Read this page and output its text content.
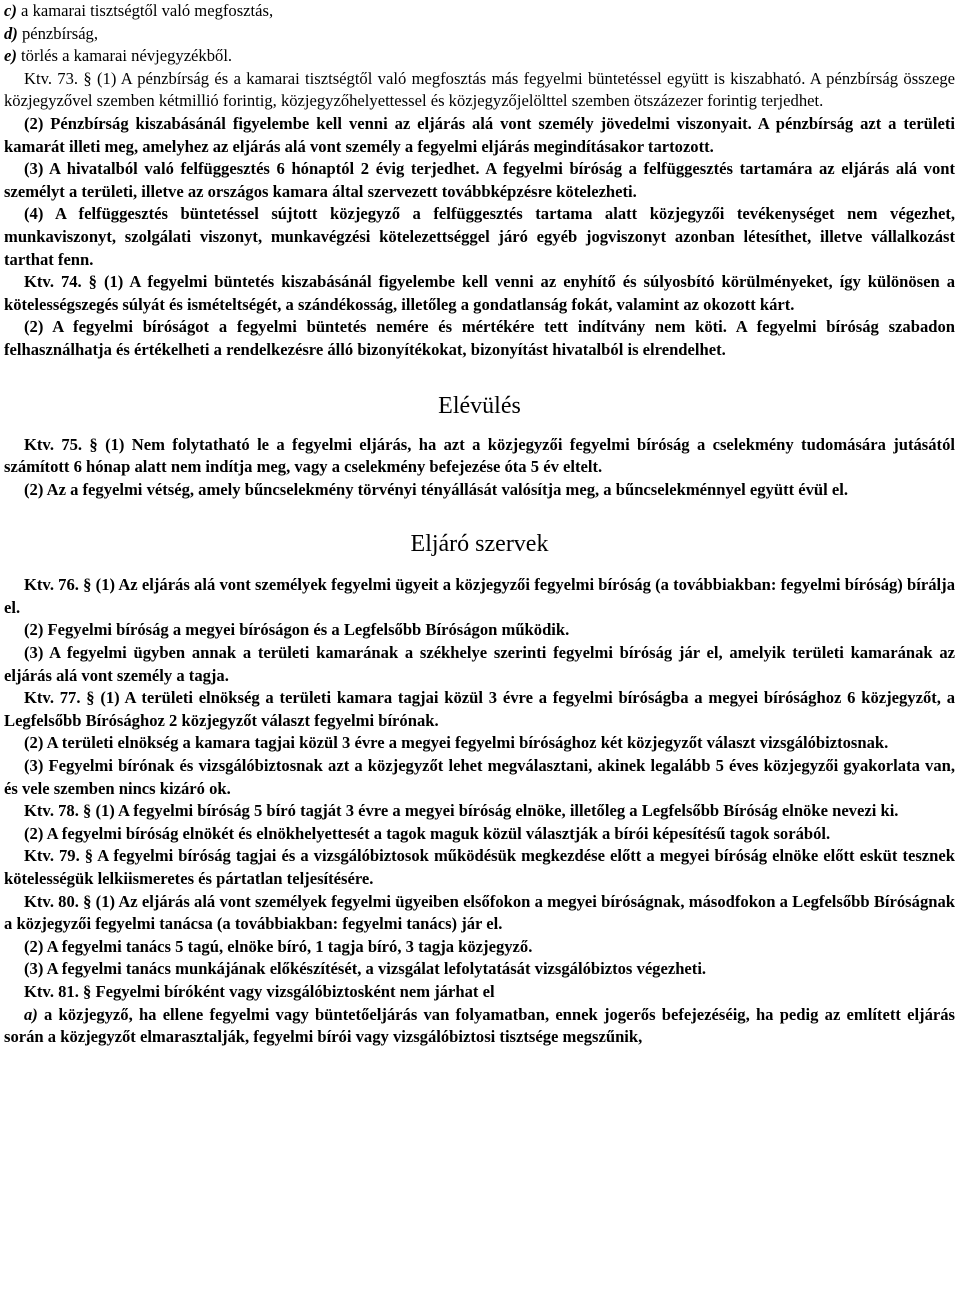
c) a kamarai tisztségtől való megfosztás,

d) pénzbírság,

e) törlés a kamarai névjegyzékből.

Ktv. 73. § (1) A pénzbírság és a kamarai tisztségtől való megfosztás más fegyelmi büntetéssel együtt is kiszabható. A pénzbírság összege közjegyzővel szemben kétmillió forintig, közjegyzőhelyettessel és közjegyzőjelölttel szemben ötszázezer forintig terjedhet.

(2) Pénzbírság kiszabásánál figyelembe kell venni az eljárás alá vont személy jövedelmi viszonyait. A pénzbírság azt a területi kamarát illeti meg, amelyhez az eljárás alá vont személy a fegyelmi eljárás megindításakor tartozott.

(3) A hivatalból való felfüggesztés 6 hónaptól 2 évig terjedhet. A fegyelmi bíróság a felfüggesztés tartamára az eljárás alá vont személyt a területi, illetve az országos kamara által szervezett továbbképzésre kötelezheti.

(4) A felfüggesztés büntetéssel sújtott közjegyző a felfüggesztés tartama alatt közjegyzői tevékenységet nem végezhet, munkaviszonyt, szolgálati viszonyt, munkavégzési kötelezettséggel járó egyéb jogviszonyt azonban létesíthet, illetve vállalkozást tarthat fenn.

Ktv. 74. § (1) A fegyelmi büntetés kiszabásánál figyelembe kell venni az enyhítő és súlyosbító körülményeket, így különösen a kötelességszegés súlyát és ismételtségét, a szándékosság, illetőleg a gondatlanság fokát, valamint az okozott kárt.

(2) A fegyelmi bíróságot a fegyelmi büntetés nemére és mértékére tett indítvány nem köti. A fegyelmi bíróság szabadon felhasználhatja és értékelheti a rendelkezésre álló bizonyítékokat, bizonyítást hivatalból is elrendelhet.

Elévülés

Ktv. 75. § (1) Nem folytatható le a fegyelmi eljárás, ha azt a közjegyzői fegyelmi bíróság a cselekmény tudomására jutásától számított 6 hónap alatt nem indítja meg, vagy a cselekmény befejezése óta 5 év eltelt.

(2) Az a fegyelmi vétség, amely bűncselekmény törvényi tényállását valósítja meg, a bűncselekménnyel együtt évül el.

Eljáró szervek

Ktv. 76. § (1) Az eljárás alá vont személyek fegyelmi ügyeit a közjegyzői fegyelmi bíróság (a továbbiakban: fegyelmi bíróság) bírálja el.

(2) Fegyelmi bíróság a megyei bíróságon és a Legfelsőbb Bíróságon működik.

(3) A fegyelmi ügyben annak a területi kamarának a székhelye szerinti fegyelmi bíróság jár el, amelyik területi kamarának az eljárás alá vont személy a tagja.

Ktv. 77. § (1) A területi elnökség a területi kamara tagjai közül 3 évre a fegyelmi bíróságba a megyei bírósághoz 6 közjegyzőt, a Legfelsőbb Bírósághoz 2 közjegyzőt választ fegyelmi bírónak.

(2) A területi elnökség a kamara tagjai közül 3 évre a megyei fegyelmi bírósághoz két közjegyzőt választ vizsgálóbiztosnak.

(3) Fegyelmi bírónak és vizsgálóbiztosnak azt a közjegyzőt lehet megválasztani, akinek legalább 5 éves közjegyzői gyakorlata van, és vele szemben nincs kizáró ok.

Ktv. 78. § (1) A fegyelmi bíróság 5 bíró tagját 3 évre a megyei bíróság elnöke, illetőleg a Legfelsőbb Bíróság elnöke nevezi ki.

(2) A fegyelmi bíróság elnökét és elnökhelyettesét a tagok maguk közül választják a bírói képesítésű tagok sorából.

Ktv. 79. § A fegyelmi bíróság tagjai és a vizsgálóbiztosok működésük megkezdése előtt a megyei bíróság elnöke előtt esküt tesznek kötelességük lelkiismeretes és pártatlan teljesítésére.

Ktv. 80. § (1) Az eljárás alá vont személyek fegyelmi ügyeiben elsőfokon a megyei bíróságnak, másodfokon a Legfelsőbb Bíróságnak a közjegyzői fegyelmi tanácsa (a továbbiakban: fegyelmi tanács) jár el.

(2) A fegyelmi tanács 5 tagú, elnöke bíró, 1 tagja bíró, 3 tagja közjegyző.

(3) A fegyelmi tanács munkájának előkészítését, a vizsgálat lefolytatását vizsgálóbiztos végezheti.

Ktv. 81. § Fegyelmi bíróként vagy vizsgálóbiztosként nem járhat el

a) a közjegyző, ha ellene fegyelmi vagy büntetőeljárás van folyamatban, ennek jogerős befejezéséig, ha pedig az említett eljárás során a közjegyzőt elmarasztalják, fegyelmi bírói vagy vizsgálóbiztosi tisztsége megszűnik,
